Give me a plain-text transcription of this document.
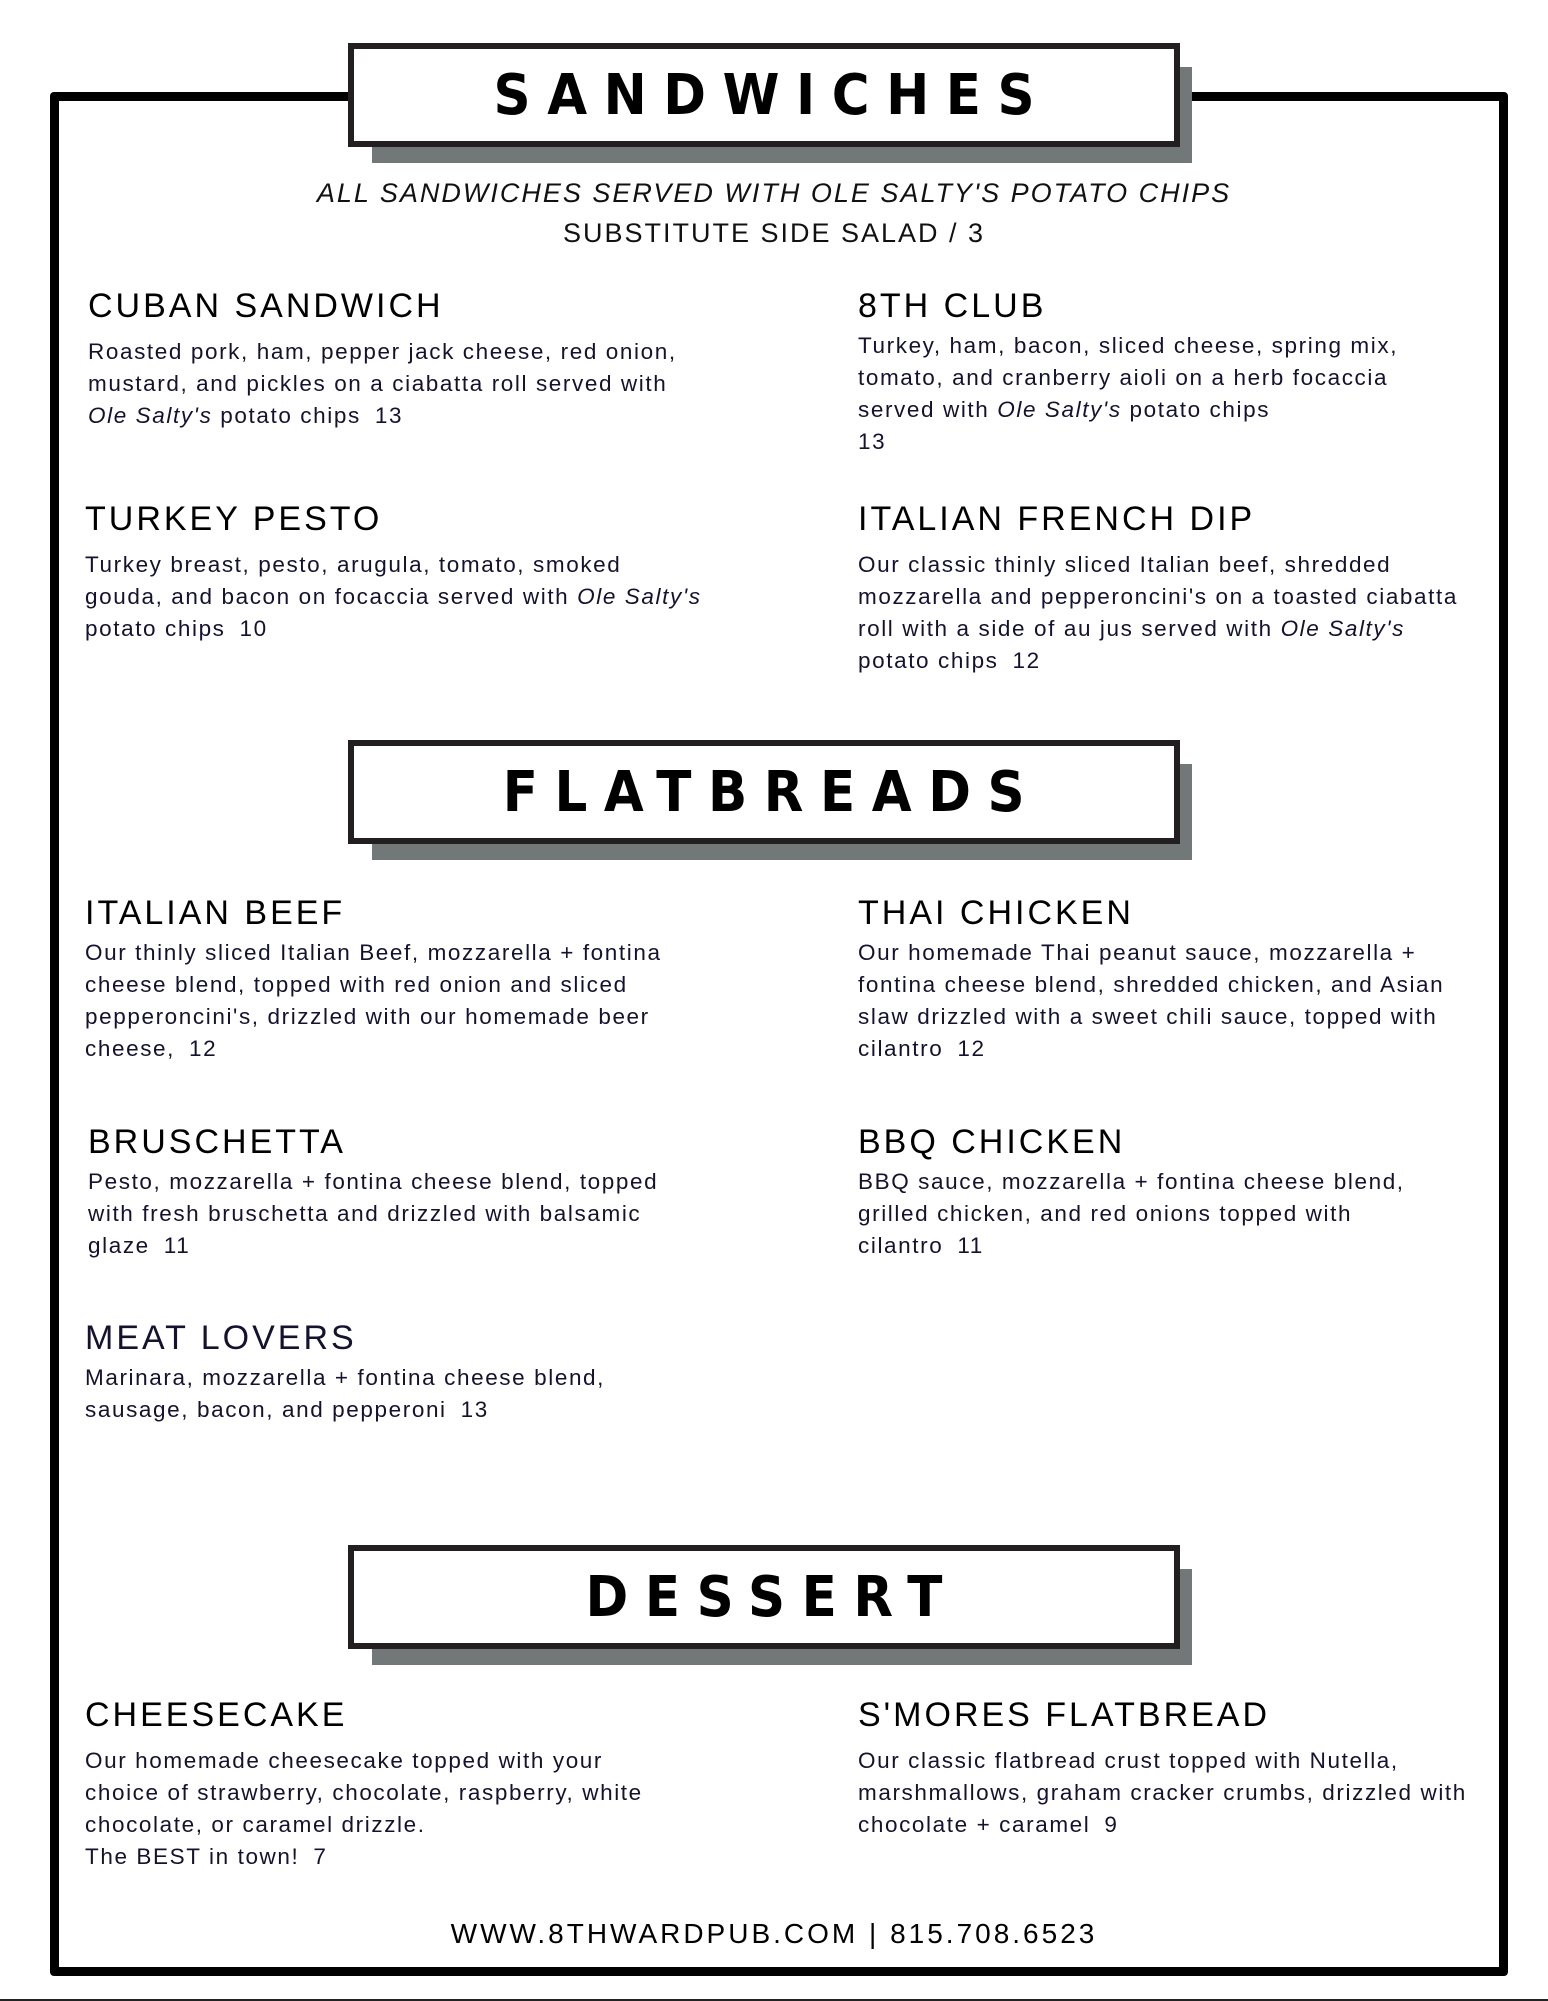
SANDWICHES
ALL SANDWICHES SERVED WITH OLE SALTY'S POTATO CHIPS
SUBSTITUTE SIDE SALAD / 3
CUBAN SANDWICH

Roasted pork, ham, pepper jack cheese, red onion, mustard, and pickles on a ciabatta roll served with Ole Salty's potato chips 13

8TH CLUB

Turkey, ham, bacon, sliced cheese, spring mix, tomato, and cranberry aioli on a herb focaccia served with Ole Salty's potato chips
13

TURKEY PESTO

Turkey breast, pesto, arugula, tomato, smoked gouda, and bacon on focaccia served with Ole Salty's potato chips 10

ITALIAN FRENCH DIP

Our classic thinly sliced Italian beef, shredded mozzarella and pepperoncini's on a toasted ciabatta roll with a side of au jus served with Ole Salty's potato chips 12

FLATBREADS
ITALIAN BEEF

Our thinly sliced Italian Beef, mozzarella + fontina cheese blend, topped with red onion and sliced pepperoncini's, drizzled with our homemade beer cheese, 12

THAI CHICKEN

Our homemade Thai peanut sauce, mozzarella + fontina cheese blend, shredded chicken, and Asian slaw drizzled with a sweet chili sauce, topped with cilantro 12

BRUSCHETTA

Pesto, mozzarella + fontina cheese blend, topped with fresh bruschetta and drizzled with balsamic glaze 11

BBQ CHICKEN

BBQ sauce, mozzarella + fontina cheese blend, grilled chicken, and red onions topped with cilantro 11

MEAT LOVERS

Marinara, mozzarella + fontina cheese blend, sausage, bacon, and pepperoni 13

DESSERT
CHEESECAKE

Our homemade cheesecake topped with your choice of strawberry, chocolate, raspberry, white chocolate, or caramel drizzle.
The BEST in town! 7

S'MORES FLATBREAD

Our classic flatbread crust topped with Nutella, marshmallows, graham cracker crumbs, drizzled with chocolate + caramel 9

WWW.8THWARDPUB.COM | 815.708.6523
